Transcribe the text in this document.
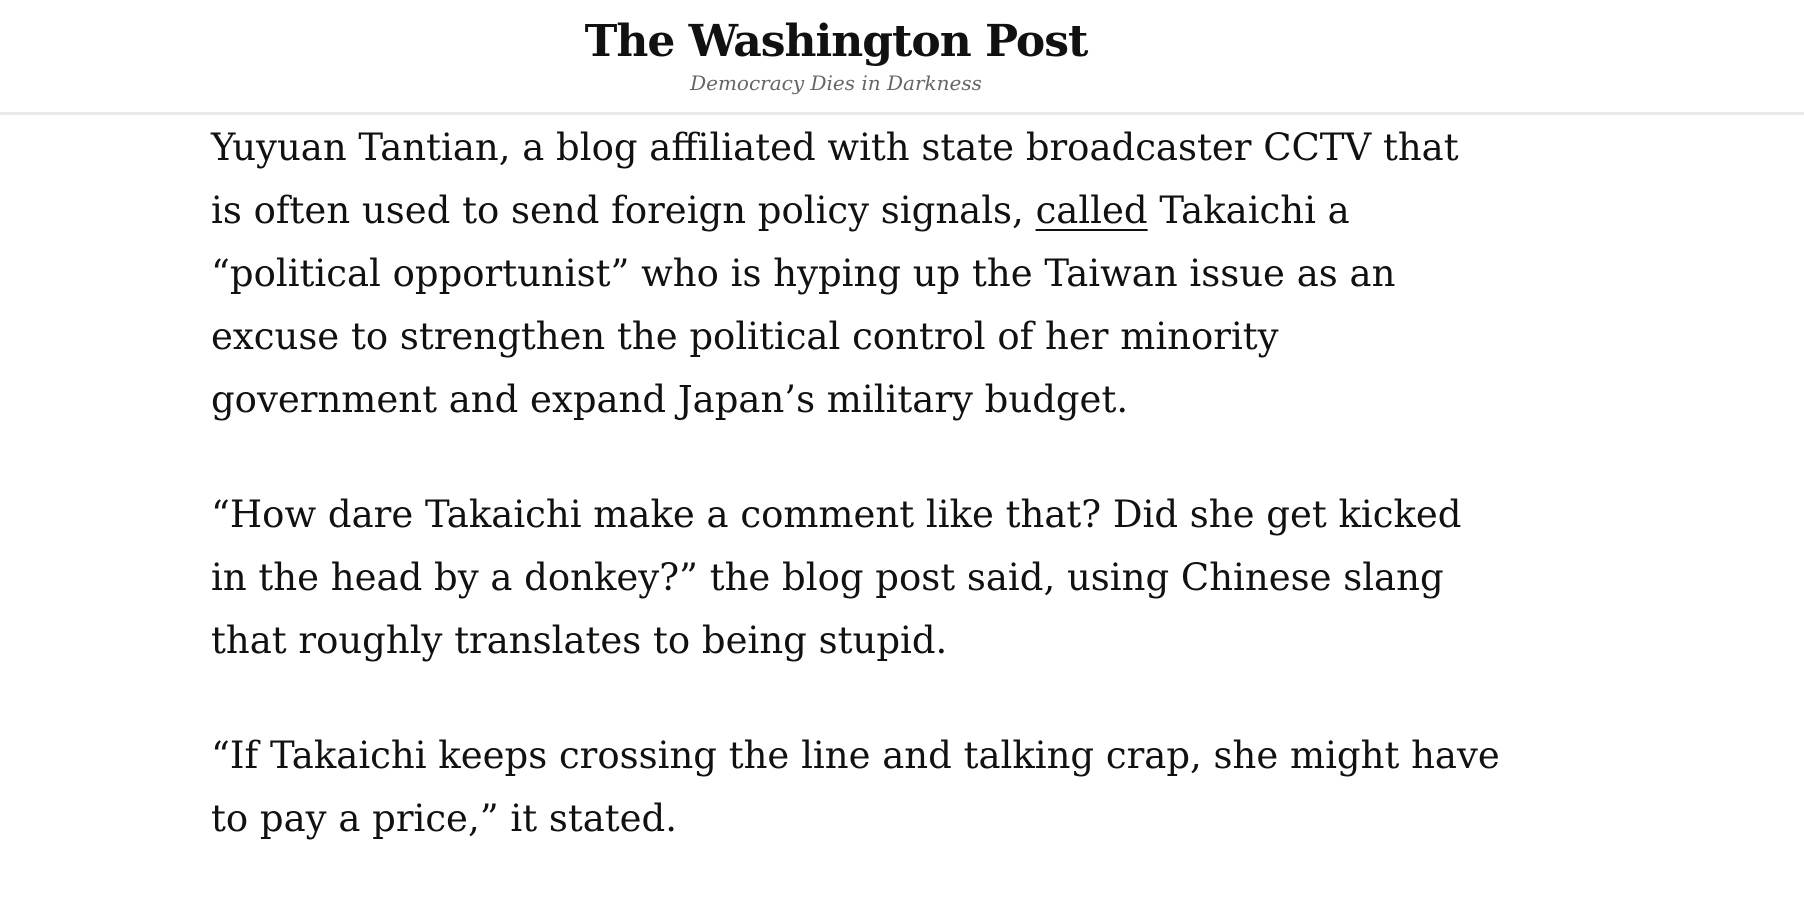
The Washington Post
Democracy Dies in Darkness

Yuyuan Tantian, a blog affiliated with state broadcaster CCTV that is often used to send foreign policy signals, called Takaichi a “political opportunist” who is hyping up the Taiwan issue as an excuse to strengthen the political control of her minority government and expand Japan’s military budget.

“How dare Takaichi make a comment like that? Did she get kicked in the head by a donkey?” the blog post said, using Chinese slang that roughly translates to being stupid.

“If Takaichi keeps crossing the line and talking crap, she might have to pay a price,” it stated.
